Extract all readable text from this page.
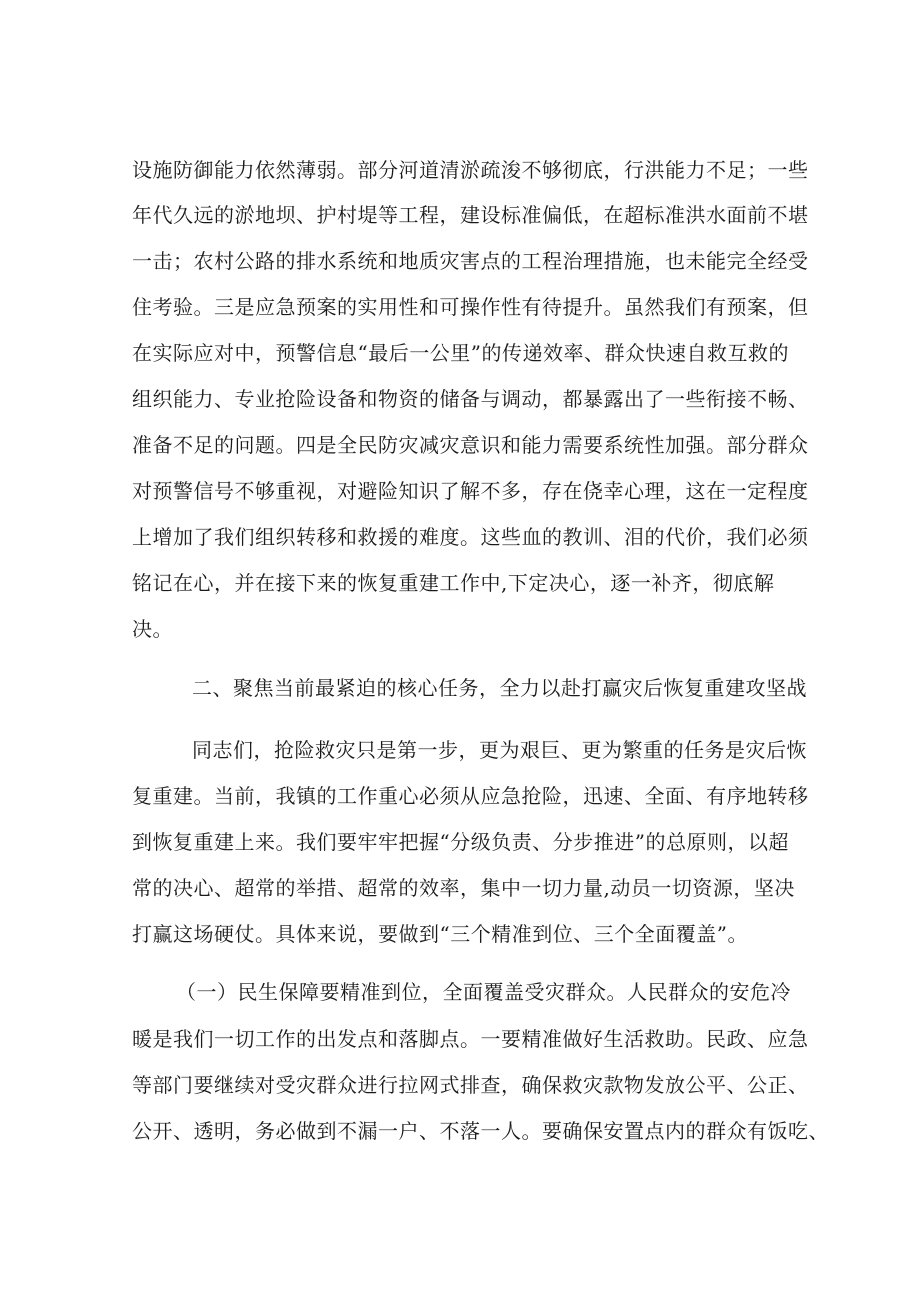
设施防御能力依然薄弱。部分河道清淤疏浚不够彻底，行洪能力不足；一些
年代久远的淤地坝、护村堤等工程，建设标准偏低，在超标准洪水面前不堪
一击；农村公路的排水系统和地质灾害点的工程治理措施，也未能完全经受
住考验。三是应急预案的实用性和可操作性有待提升。虽然我们有预案，但
在实际应对中，预警信息“最后一公里”的传递效率、群众快速自救互救的
组织能力、专业抢险设备和物资的储备与调动，都暴露出了一些衔接不畅、
准备不足的问题。四是全民防灾减灾意识和能力需要系统性加强。部分群众
对预警信号不够重视，对避险知识了解不多，存在侥幸心理，这在一定程度
上增加了我们组织转移和救援的难度。这些血的教训、泪的代价，我们必须
铭记在心，并在接下来的恢复重建工作中,下定决心，逐一补齐，彻底解
决。
二、聚焦当前最紧迫的核心任务，全力以赴打赢灾后恢复重建攻坚战
同志们，抢险救灾只是第一步，更为艰巨、更为繁重的任务是灾后恢
复重建。当前，我镇的工作重心必须从应急抢险，迅速、全面、有序地转移
到恢复重建上来。我们要牢牢把握“分级负责、分步推进”的总原则，以超
常的决心、超常的举措、超常的效率，集中一切力量,动员一切资源，坚决
打赢这场硬仗。具体来说，要做到“三个精准到位、三个全面覆盖”。
（一）民生保障要精准到位，全面覆盖受灾群众。人民群众的安危冷
暖是我们一切工作的出发点和落脚点。一要精准做好生活救助。民政、应急
等部门要继续对受灾群众进行拉网式排查，确保救灾款物发放公平、公正、
公开、透明，务必做到不漏一户、不落一人。要确保安置点内的群众有饭吃、
